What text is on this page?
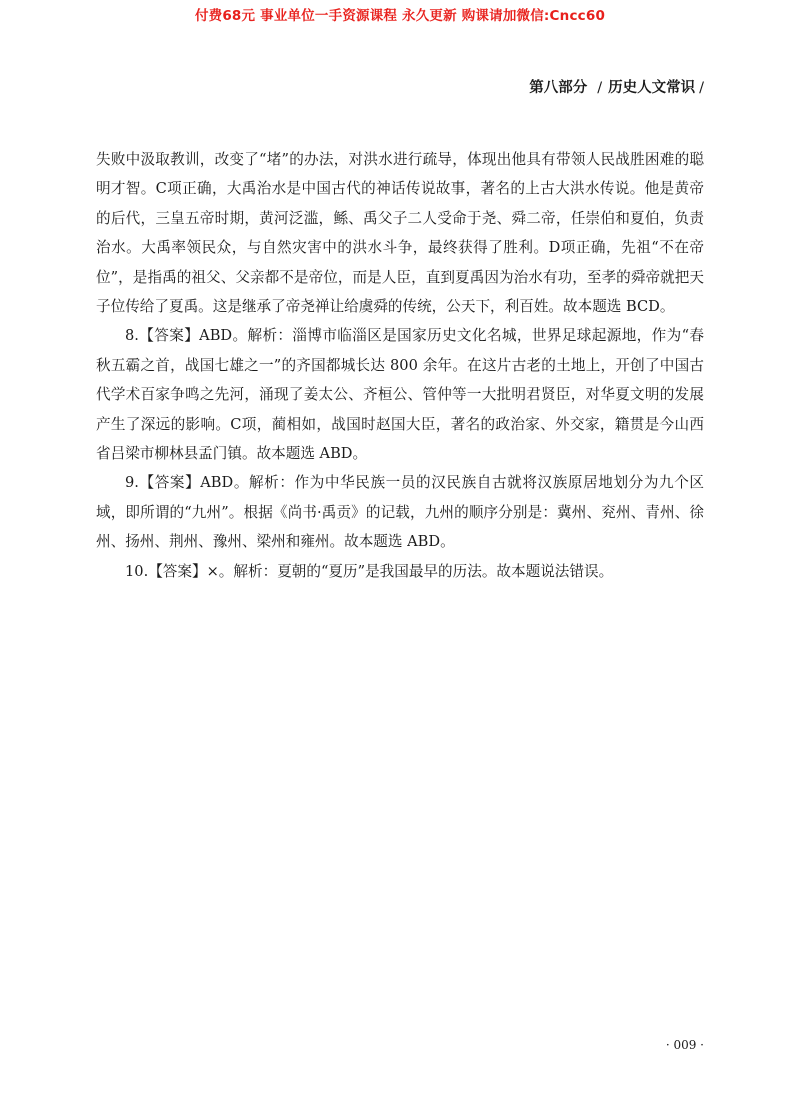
付费68元 事业单位一手资源课程 永久更新 购课请加微信:Cncc60
第八部分 / 历史人文常识 /

失败中汲取教训，改变了“堵”的办法，对洪水进行疏导，体现出他具有带领人民战胜困难的聪明才智。C项正确，大禹治水是中国古代的神话传说故事，著名的上古大洪水传说。他是黄帝的后代，三皇五帝时期，黄河泛滥，鲧、禹父子二人受命于尧、舜二帝，任崇伯和夏伯，负责治水。大禹率领民众，与自然灾害中的洪水斗争，最终获得了胜利。D项正确，先祖“不在帝位”，是指禹的祖父、父亲都不是帝位，而是人臣，直到夏禹因为治水有功，至孝的舜帝就把天子位传给了夏禹。这是继承了帝尧禅让给虞舜的传统，公天下，利百姓。故本题选 BCD。

8.【答案】ABD。解析：淄博市临淄区是国家历史文化名城，世界足球起源地，作为“春秋五霸之首，战国七雄之一”的齐国都城长达 800 余年。在这片古老的土地上，开创了中国古代学术百家争鸣之先河，涌现了姜太公、齐桓公、管仲等一大批明君贤臣，对华夏文明的发展产生了深远的影响。C项，蔺相如，战国时赵国大臣，著名的政治家、外交家，籍贯是今山西省吕梁市柳林县孟门镇。故本题选 ABD。

9.【答案】ABD。解析：作为中华民族一员的汉民族自古就将汉族原居地划分为九个区域，即所谓的“九州”。根据《尚书·禹贡》的记载，九州的顺序分别是：冀州、兖州、青州、徐州、扬州、荆州、豫州、梁州和雍州。故本题选 ABD。

10.【答案】×。解析：夏朝的“夏历”是我国最早的历法。故本题说法错误。

· 009 ·
